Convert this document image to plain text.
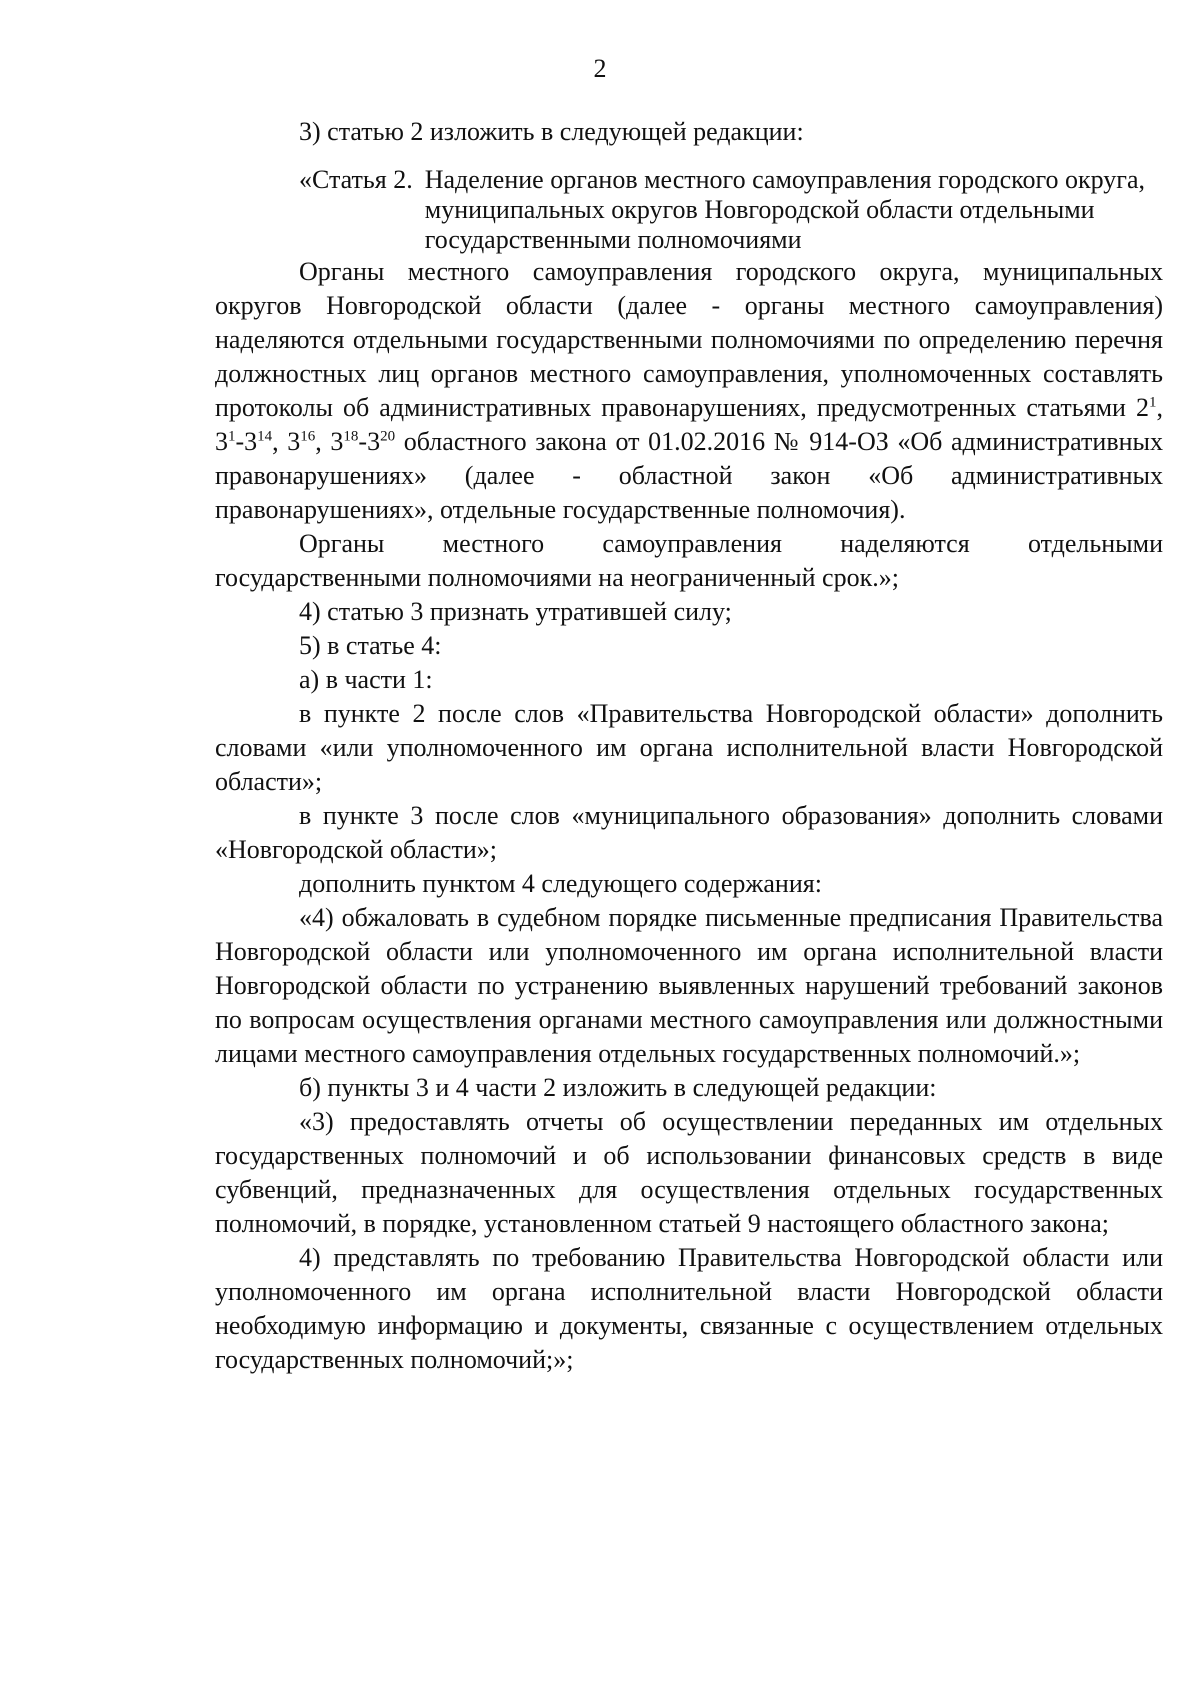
2

3) статью 2 изложить в следующей редакции:

«Статья 2. Наделение органов местного самоуправления городского округа, муниципальных округов Новгородской области отдельными государственными полномочиями

Органы местного самоуправления городского округа, муниципальных округов Новгородской области (далее - органы местного самоуправления) наделяются отдельными государственными полномочиями по определению перечня должностных лиц органов местного самоуправления, уполномоченных составлять протоколы об административных правонарушениях, предусмотренных статьями $2^1$, $3^1-3^{14}$, $3^{16}$, $3^{18}-3^{20}$ областного закона от 01.02.2016 № 914-ОЗ «Об административных правонарушениях» (далее - областной закон «Об административных правонарушениях», отдельные государственные полномочия).

Органы местного самоуправления наделяются отдельными государственными полномочиями на неограниченный срок.»;

4) статью 3 признать утратившей силу;

5) в статье 4:

а) в части 1:

в пункте 2 после слов «Правительства Новгородской области» дополнить словами «или уполномоченного им органа исполнительной власти Новгородской области»;

в пункте 3 после слов «муниципального образования» дополнить словами «Новгородской области»;

дополнить пунктом 4 следующего содержания:

«4) обжаловать в судебном порядке письменные предписания Правительства Новгородской области или уполномоченного им органа исполнительной власти Новгородской области по устранению выявленных нарушений требований законов по вопросам осуществления органами местного самоуправления или должностными лицами местного самоуправления отдельных государственных полномочий.»;

б) пункты 3 и 4 части 2 изложить в следующей редакции:

«3) предоставлять отчеты об осуществлении переданных им отдельных государственных полномочий и об использовании финансовых средств в виде субвенций, предназначенных для осуществления отдельных государственных полномочий, в порядке, установленном статьей 9 настоящего областного закона;

4) представлять по требованию Правительства Новгородской области или уполномоченного им органа исполнительной власти Новгородской области необходимую информацию и документы, связанные с осуществлением отдельных государственных полномочий;»;
